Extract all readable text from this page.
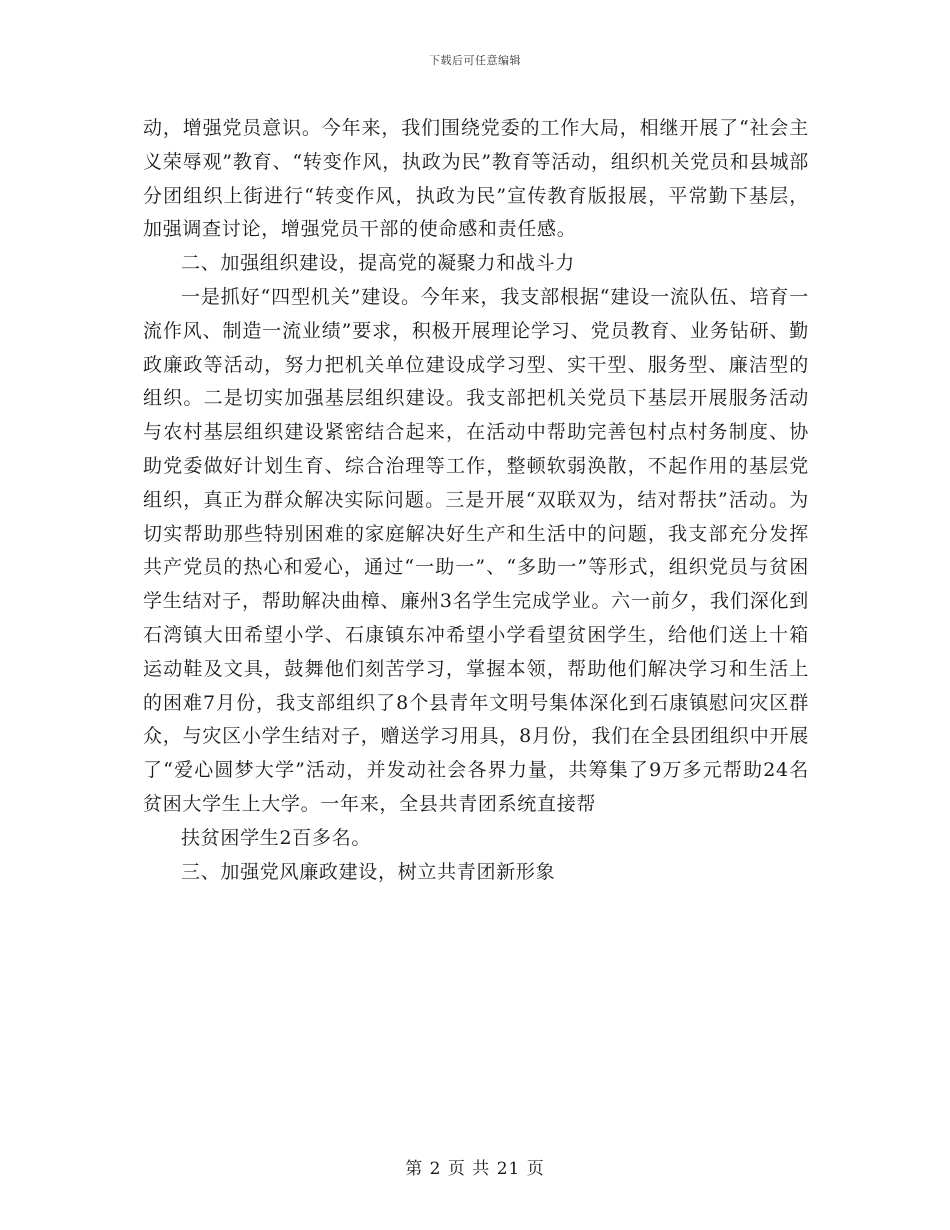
下载后可任意编辑

动，增强党员意识。今年来，我们围绕党委的工作大局，相继开展了“社会主义荣辱观”教育、“转变作风，执政为民”教育等活动，组织机关党员和县城部分团组织上街进行“转变作风，执政为民”宣传教育版报展，平常勤下基层，加强调查讨论，增强党员干部的使命感和责任感。

二、加强组织建设，提高党的凝聚力和战斗力

一是抓好“四型机关”建设。今年来，我支部根据“建设一流队伍、培育一流作风、制造一流业绩”要求，积极开展理论学习、党员教育、业务钻研、勤政廉政等活动，努力把机关单位建设成学习型、实干型、服务型、廉洁型的组织。二是切实加强基层组织建设。我支部把机关党员下基层开展服务活动与农村基层组织建设紧密结合起来，在活动中帮助完善包村点村务制度、协助党委做好计划生育、综合治理等工作，整顿软弱涣散，不起作用的基层党组织，真正为群众解决实际问题。三是开展“双联双为，结对帮扶”活动。为切实帮助那些特别困难的家庭解决好生产和生活中的问题，我支部充分发挥共产党员的热心和爱心，通过“一助一”、“多助一”等形式，组织党员与贫困学生结对子，帮助解决曲樟、廉州3名学生完成学业。六一前夕，我们深化到石湾镇大田希望小学、石康镇东冲希望小学看望贫困学生，给他们送上十箱运动鞋及文具，鼓舞他们刻苦学习，掌握本领，帮助他们解决学习和生活上的困难7月份，我支部组织了8个县青年文明号集体深化到石康镇慰问灾区群众，与灾区小学生结对子，赠送学习用具，8月份，我们在全县团组织中开展了“爱心圆梦大学”活动，并发动社会各界力量，共筹集了9万多元帮助24名贫困大学生上大学。一年来，全县共青团系统直接帮

扶贫困学生2百多名。

三、加强党风廉政建设，树立共青团新形象

第 2 页 共 21 页
